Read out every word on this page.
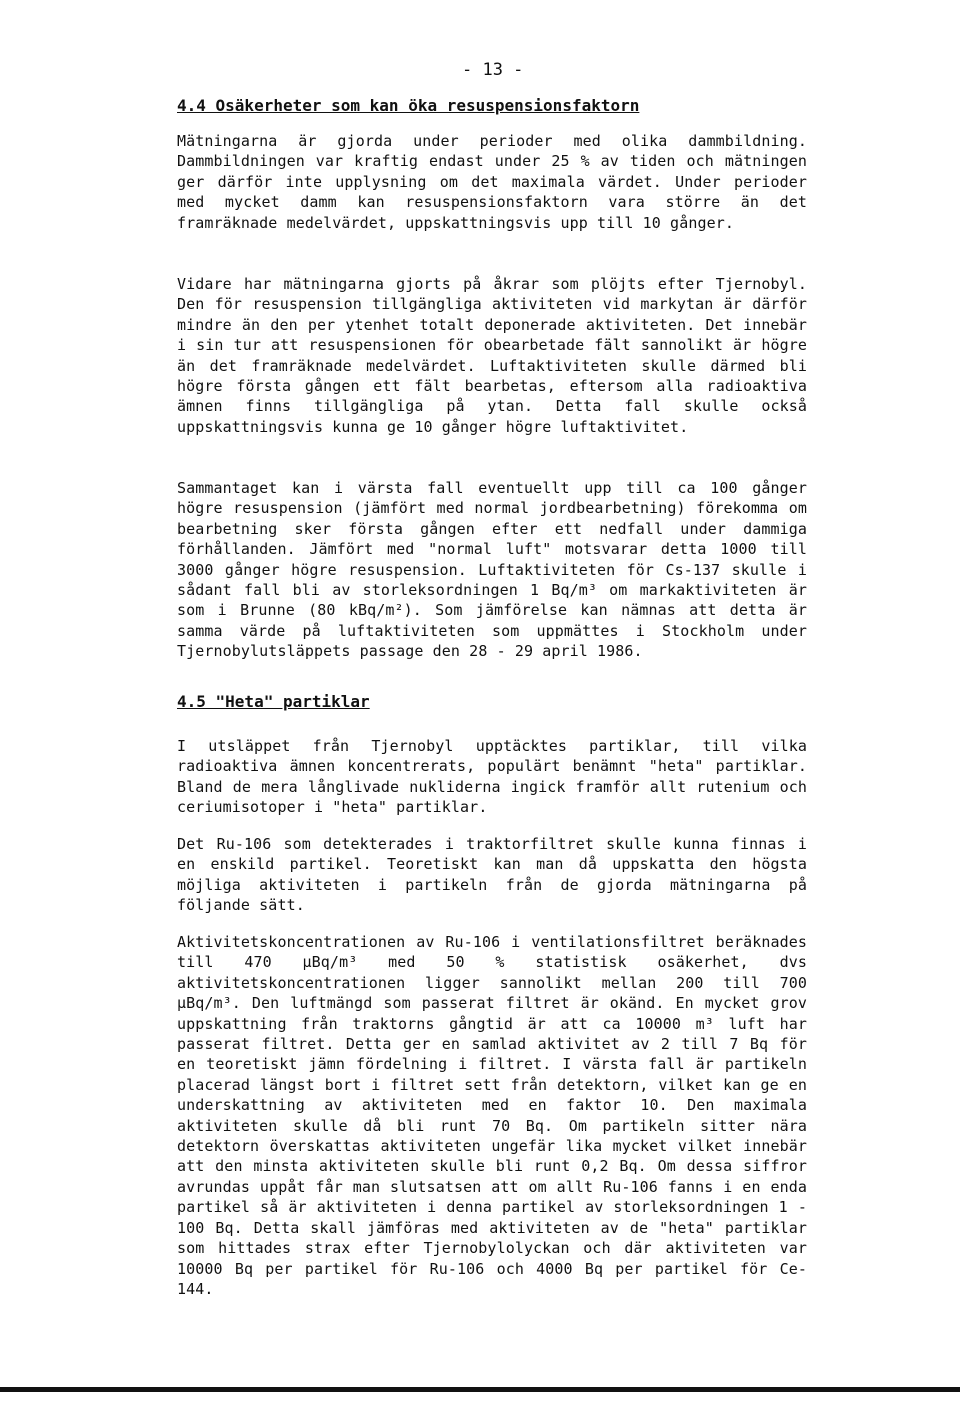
- 13 -
4.4 Osäkerheter som kan öka resuspensionsfaktorn

Mätningarna är gjorda under perioder med olika dammbildning. Dammbildningen var kraftig endast under 25 % av tiden och mätningen ger därför inte upplysning om det maximala värdet. Under perioder med mycket damm kan resuspensionsfaktorn vara större än det framräknade medelvärdet, uppskattningsvis upp till 10 gånger.

Vidare har mätningarna gjorts på åkrar som plöjts efter Tjernobyl. Den för resuspension tillgängliga aktiviteten vid markytan är därför mindre än den per ytenhet totalt deponerade aktiviteten. Det innebär i sin tur att resuspensionen för obearbetade fält sannolikt är högre än det framräknade medelvärdet. Luftaktiviteten skulle därmed bli högre första gången ett fält bearbetas, eftersom alla radioaktiva ämnen finns tillgängliga på ytan. Detta fall skulle också uppskattningsvis kunna ge 10 gånger högre luftaktivitet.

Sammantaget kan i värsta fall eventuellt upp till ca 100 gånger högre resuspension (jämfört med normal jordbearbetning) förekomma om bearbetning sker första gången efter ett nedfall under dammiga förhållanden. Jämfört med "normal luft" motsvarar detta 1000 till 3000 gånger högre resuspension. Luftaktiviteten för Cs-137 skulle i sådant fall bli av storleksordningen 1 Bq/m³ om markaktiviteten är som i Brunne (80 kBq/m²). Som jämförelse kan nämnas att detta är samma värde på luftaktiviteten som uppmättes i Stockholm under Tjernobylutsläppets passage den 28 - 29 april 1986.

4.5 "Heta" partiklar

I utsläppet från Tjernobyl upptäcktes partiklar, till vilka radioaktiva ämnen koncentrerats, populärt benämnt "heta" partiklar. Bland de mera långlivade nukliderna ingick framför allt rutenium och ceriumisotoper i "heta" partiklar.

Det Ru-106 som detekterades i traktorfiltret skulle kunna finnas i en enskild partikel. Teoretiskt kan man då uppskatta den högsta möjliga aktiviteten i partikeln från de gjorda mätningarna på följande sätt.

Aktivitetskoncentrationen av Ru-106 i ventilationsfiltret beräknades till 470 µBq/m³ med 50 % statistisk osäkerhet, dvs aktivitetskoncentrationen ligger sannolikt mellan 200 till 700 µBq/m³. Den luftmängd som passerat filtret är okänd. En mycket grov uppskattning från traktorns gångtid är att ca 10000 m³ luft har passerat filtret. Detta ger en samlad aktivitet av 2 till 7 Bq för en teoretiskt jämn fördelning i filtret. I värsta fall är partikeln placerad längst bort i filtret sett från detektorn, vilket kan ge en underskattning av aktiviteten med en faktor 10. Den maximala aktiviteten skulle då bli runt 70 Bq. Om partikeln sitter nära detektorn överskattas aktiviteten ungefär lika mycket vilket innebär att den minsta aktiviteten skulle bli runt 0,2 Bq. Om dessa siffror avrundas uppåt får man slutsatsen att om allt Ru-106 fanns i en enda partikel så är aktiviteten i denna partikel av storleksordningen 1 - 100 Bq. Detta skall jämföras med aktiviteten av de "heta" partiklar som hittades strax efter Tjernobylolyckan och där aktiviteten var 10000 Bq per partikel för Ru-106 och 4000 Bq per partikel för Ce-144.
